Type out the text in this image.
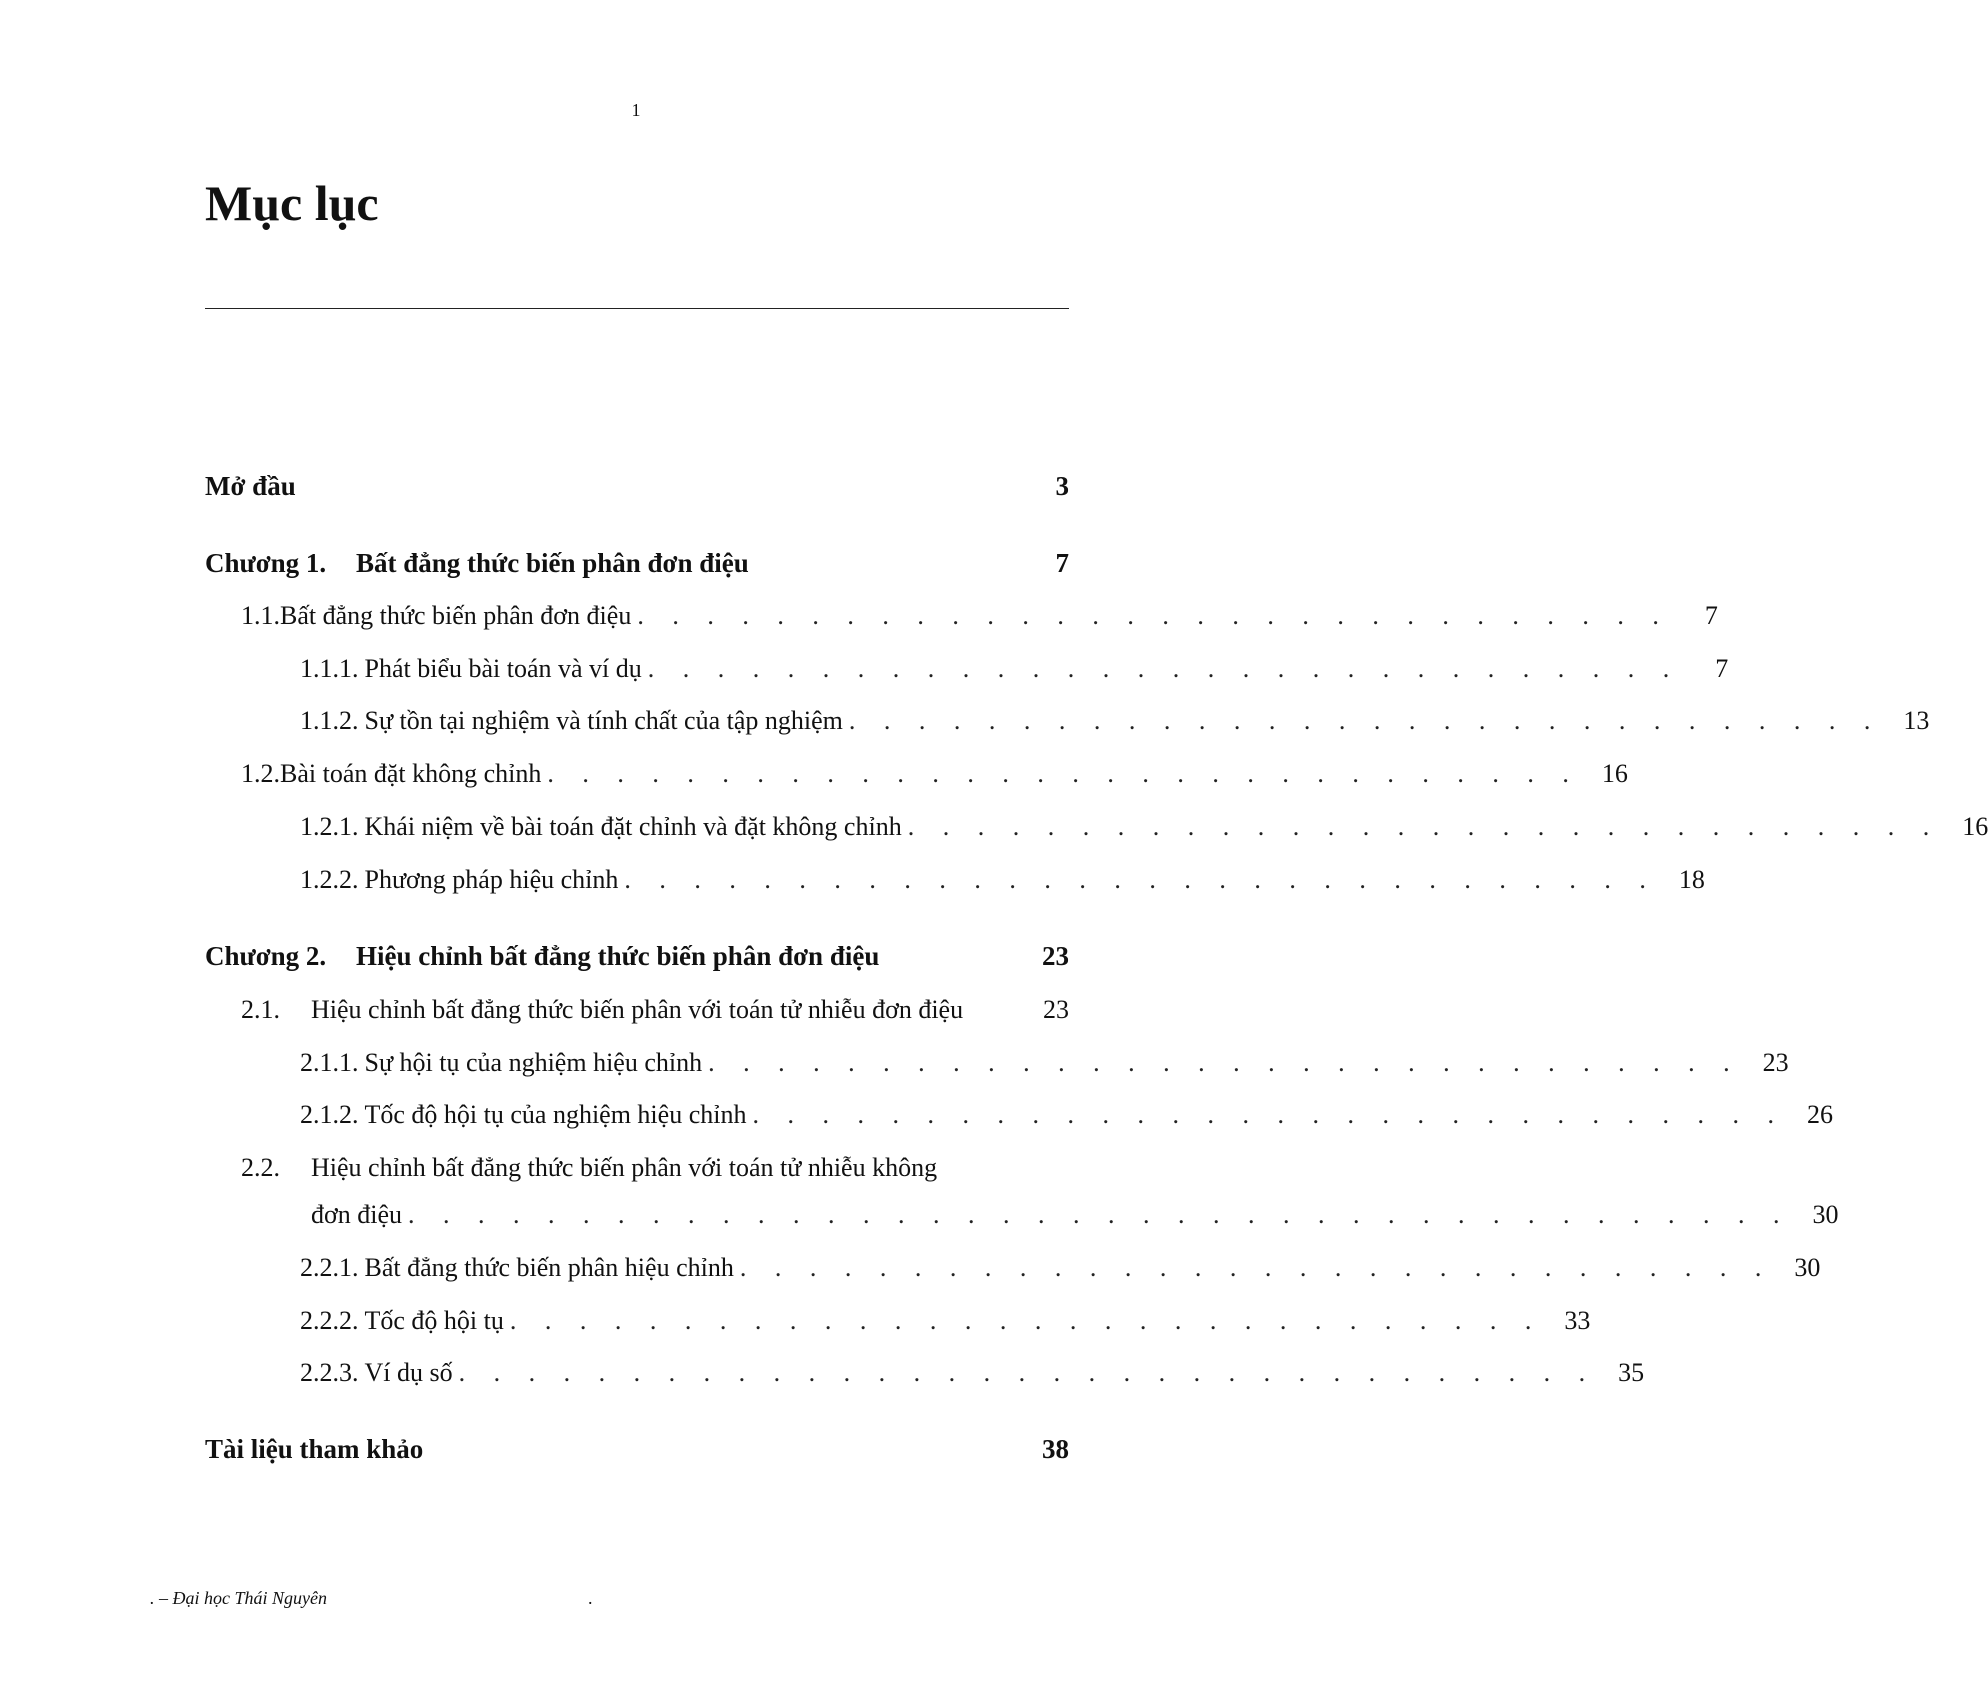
1
Mục lục
Mở đầu	3
Chương 1.	Bất đẳng thức biến phân đơn điệu	7
1.1. Bất đẳng thức biến phân đơn điệu . . . . . . . . . . . . . . . . . . . . . . . . . . . . . .	7
1.1.1. Phát biểu bài toán và ví dụ . . . . . . . . . . . . . . . . . . . . . . . . . . . . . .	7
1.1.2. Sự tồn tại nghiệm và tính chất của tập nghiệm . . . . . . . . . . . . . . . . . . . . . . . . . . . . . . 13
1.2. Bài toán đặt không chỉnh . . . . . . . . . . . . . . . . . . . . . . . . . . . . . . 16
1.2.1. Khái niệm về bài toán đặt chỉnh và đặt không chỉnh . . . . . . . . . . . . . . . . . . . . . . . . . . . . . . 16
1.2.2. Phương pháp hiệu chỉnh . . . . . . . . . . . . . . . . . . . . . . . . . . . . . . 18
Chương 2.	Hiệu chỉnh bất đẳng thức biến phân đơn điệu	23
2.1.	Hiệu chỉnh bất đẳng thức biến phân với toán tử nhiễu đơn điệu	23
2.1.1. Sự hội tụ của nghiệm hiệu chỉnh . . . . . . . . . . . . . . . . . . . . . . . . . . . . . . 23
2.1.2. Tốc độ hội tụ của nghiệm hiệu chỉnh . . . . . . . . . . . . . . . . . . . . . . . . . . . . . . 26
2.2.	Hiệu chỉnh bất đẳng thức biến phân với toán tử nhiễu không
đơn điệu . . . . . . . . . . . . . . . . . . . . . . . . . . . . . . . . . . . . . . . . 30
2.2.1. Bất đẳng thức biến phân hiệu chỉnh . . . . . . . . . . . . . . . . . . . . . . . . . . . . . . 30
2.2.2. Tốc độ hội tụ . . . . . . . . . . . . . . . . . . . . . . . . . . . . . . 33
2.2.3. Ví dụ số . . . . . . . . . . . . . . . . . . . . . . . . . . . . . . . . . 35
Tài liệu tham khảo	38
. – Đại học Thái Nguyên	.
